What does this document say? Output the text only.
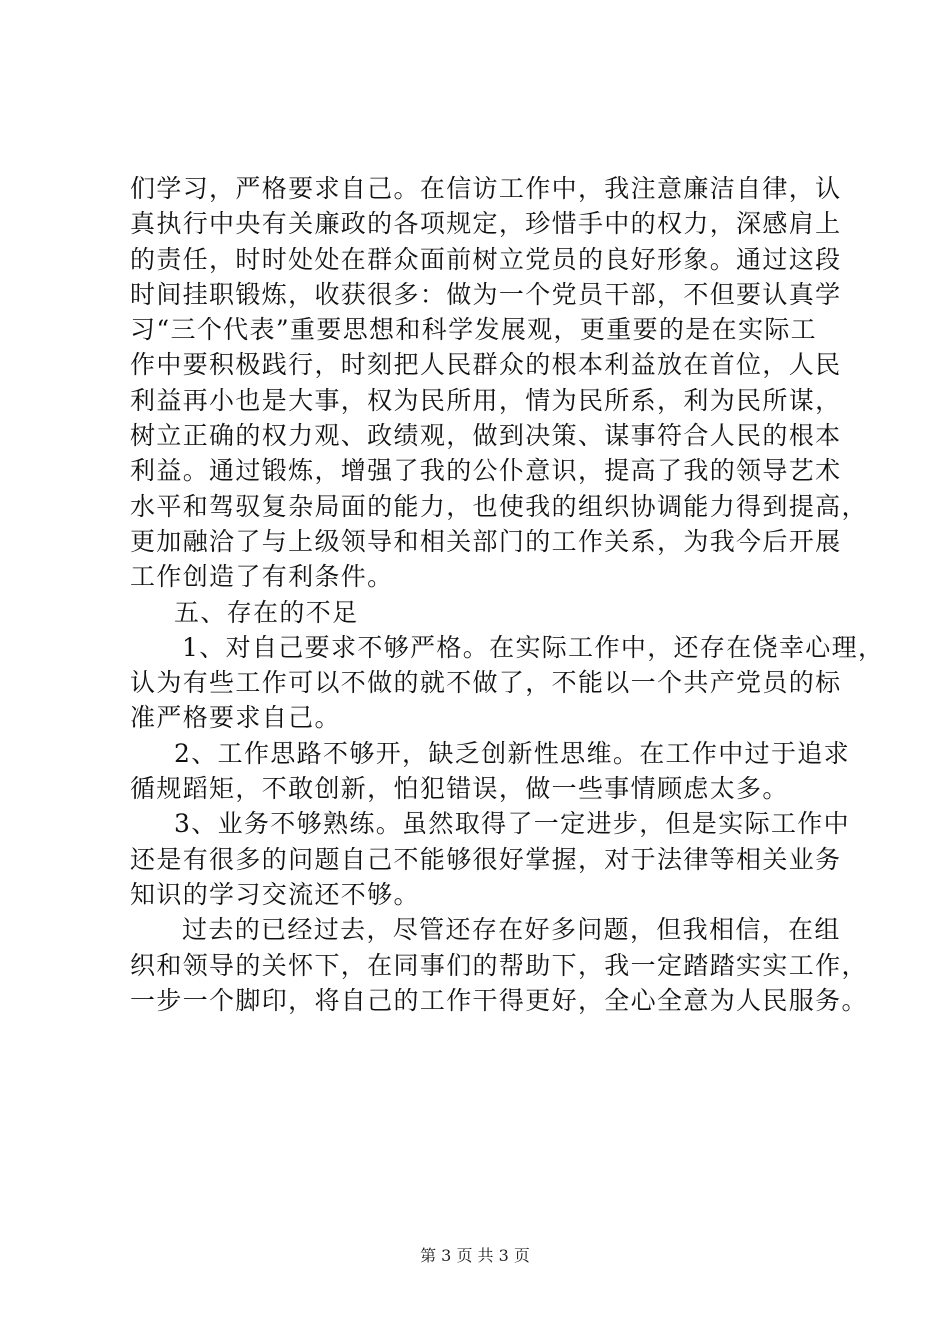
们学习，严格要求自己。在信访工作中，我注意廉洁自律，认
真执行中央有关廉政的各项规定，珍惜手中的权力，深感肩上
的责任，时时处处在群众面前树立党员的良好形象。通过这段
时间挂职锻炼，收获很多：做为一个党员干部，不但要认真学
习“三个代表”重要思想和科学发展观，更重要的是在实际工
作中要积极践行，时刻把人民群众的根本利益放在首位，人民
利益再小也是大事，权为民所用，情为民所系，利为民所谋，
树立正确的权力观、政绩观，做到决策、谋事符合人民的根本
利益。通过锻炼，增强了我的公仆意识，提高了我的领导艺术
水平和驾驭复杂局面的能力，也使我的组织协调能力得到提高，
更加融洽了与上级领导和相关部门的工作关系，为我今后开展
工作创造了有利条件。
五、存在的不足
1、对自己要求不够严格。在实际工作中，还存在侥幸心理，
认为有些工作可以不做的就不做了，不能以一个共产党员的标
准严格要求自己。
2、工作思路不够开，缺乏创新性思维。在工作中过于追求
循规蹈矩，不敢创新，怕犯错误，做一些事情顾虑太多。
3、业务不够熟练。虽然取得了一定进步，但是实际工作中
还是有很多的问题自己不能够很好掌握，对于法律等相关业务
知识的学习交流还不够。
过去的已经过去，尽管还存在好多问题，但我相信，在组
织和领导的关怀下，在同事们的帮助下，我一定踏踏实实工作，
一步一个脚印，将自己的工作干得更好，全心全意为人民服务。
第 3 页 共 3 页
